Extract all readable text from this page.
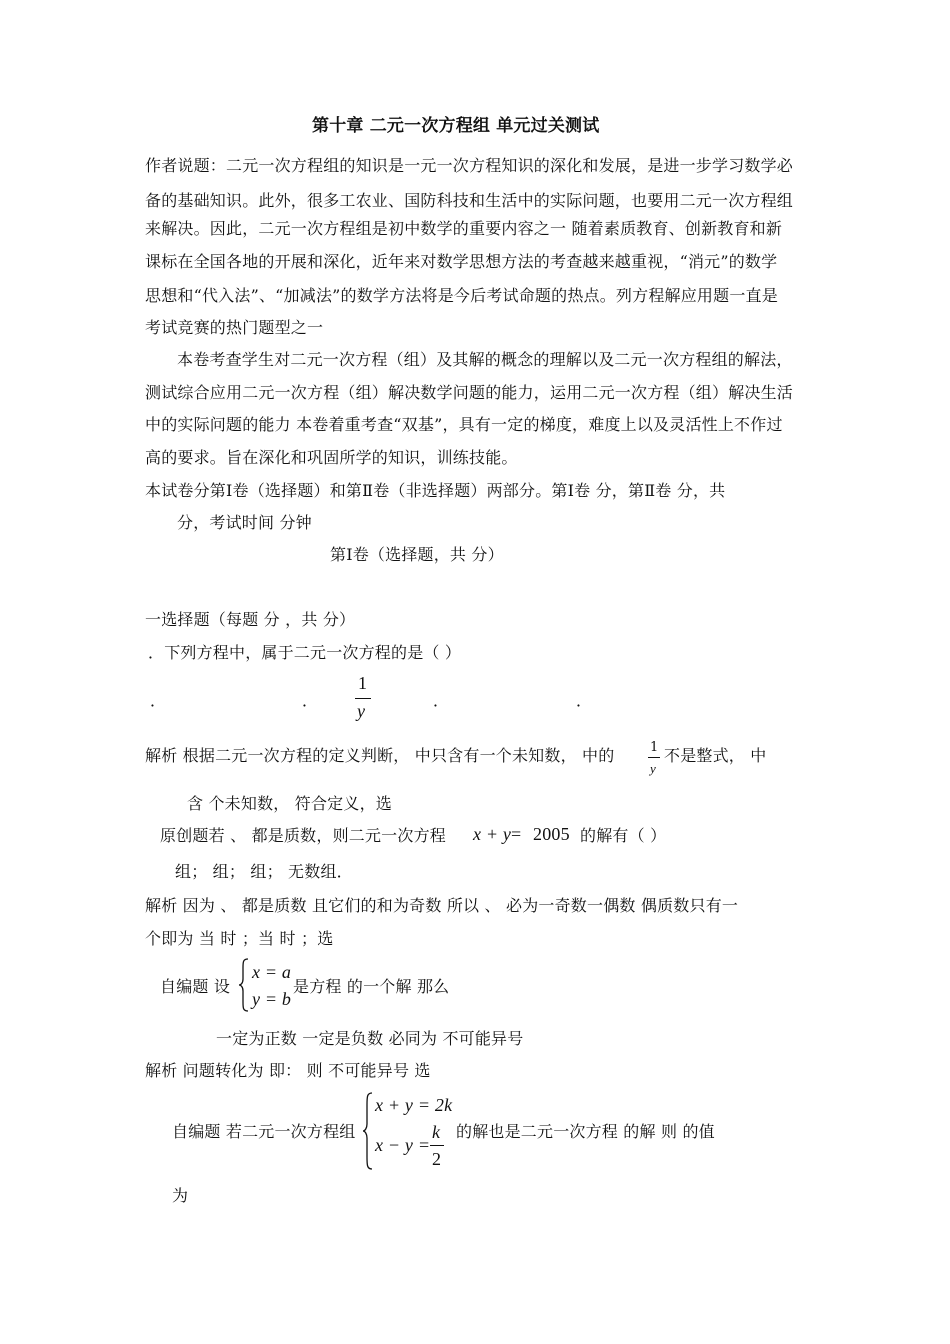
第十章 二元一次方程组 单元过关测试
作者说题：二元一次方程组的知识是一元一次方程知识的深化和发展，是进一步学习数学必
备的基础知识。此外，很多工农业、国防科技和生活中的实际问题，也要用二元一次方程组
来解决。因此，二元一次方程组是初中数学的重要内容之一 随着素质教育、创新教育和新
课标在全国各地的开展和深化，近年来对数学思想方法的考查越来越重视，“消元”的数学
思想和“代入法”、“加减法”的数学方法将是今后考试命题的热点。列方程解应用题一直是
考试竞赛的热门题型之一
本卷考查学生对二元一次方程（组）及其解的概念的理解以及二元一次方程组的解法，
测试综合应用二元一次方程（组）解决数学问题的能力，运用二元一次方程（组）解决生活
中的实际问题的能力 本卷着重考查“双基”，具有一定的梯度，难度上以及灵活性上不作过
高的要求。旨在深化和巩固所学的知识，训练技能。
本试卷分第Ⅰ卷（选择题）和第Ⅱ卷（非选择题）两部分。第Ⅰ卷 分，第Ⅱ卷 分，共
分，考试时间 分钟
第Ⅰ卷（选择题，共 分）
一选择题（每题 分 ，共 分）
．下列方程中，属于二元一次方程的是（ ）
．	．
1
y
．	．
解析 根据二元一次方程的定义判断， 中只含有一个未知数， 中的	1
y
不是整式， 中
含 个未知数， 符合定义，选
原创题若 、 都是质数，则二元一次方程 x + y = 2005 的解有（ ）
组； 组； 组； 无数组．
解析 因为 、 都是质数 且它们的和为奇数 所以 、 必为一奇数一偶数 偶质数只有一
个即为 当 时 ；当 时 ；选
自编题 设
x = a
y = b
是方程 的一个解 那么
一定为正数 一定是负数 必同为 不可能异号
解析 问题转化为 即： 则 不可能异号 选
自编题 若二元一次方程组
x + y = 2k
x − y =
k
2
的解也是二元一次方程 的解 则 的值
为
